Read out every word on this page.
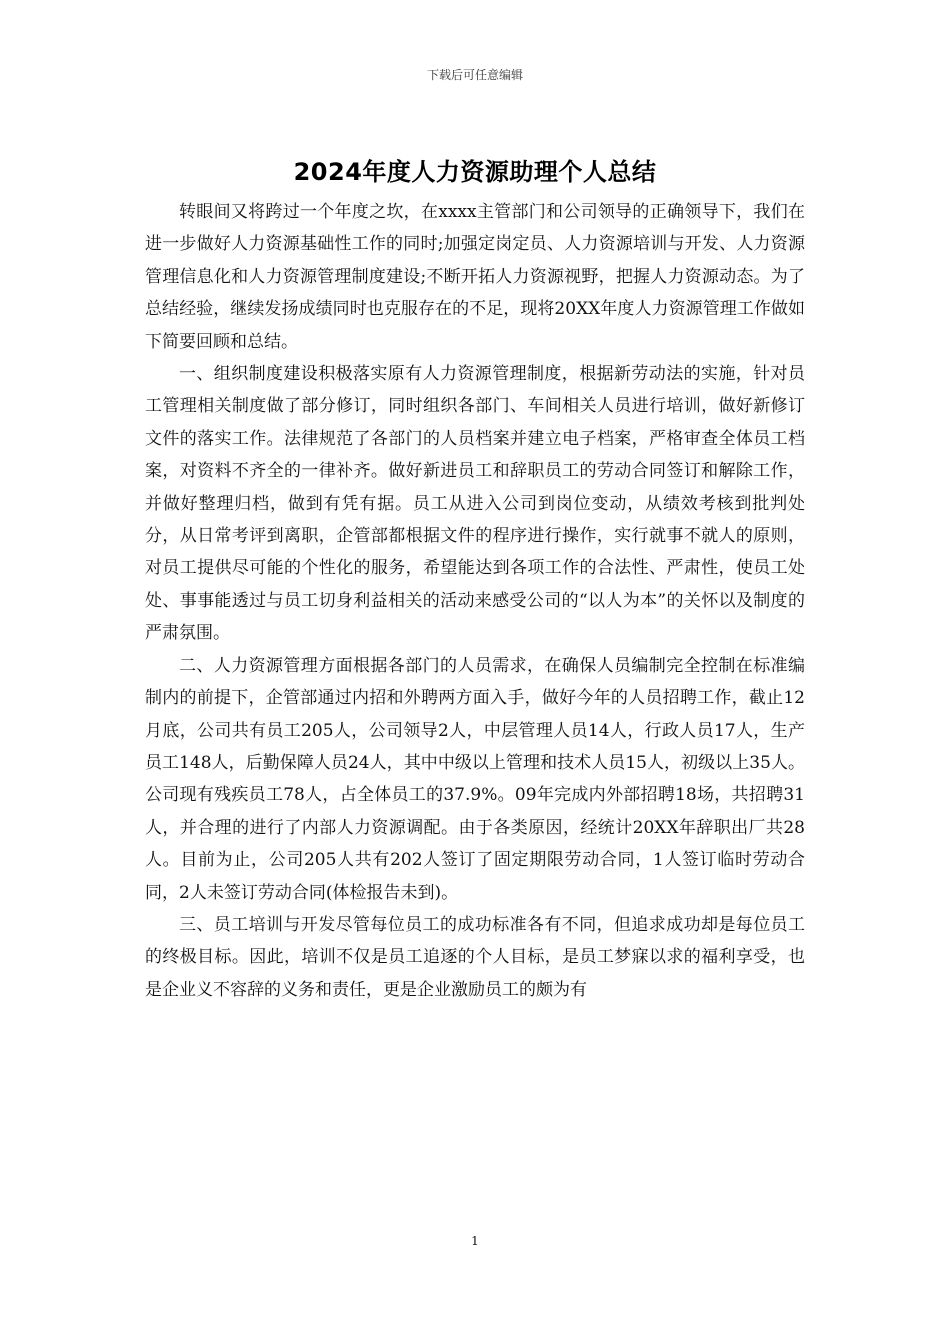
下载后可任意编辑
2024年度人力资源助理个人总结

转眼间又将跨过一个年度之坎，在xxxx主管部门和公司领导的正确领导下，我们在进一步做好人力资源基础性工作的同时;加强定岗定员、人力资源培训与开发、人力资源管理信息化和人力资源管理制度建设;不断开拓人力资源视野，把握人力资源动态。为了总结经验，继续发扬成绩同时也克服存在的不足，现将20XX年度人力资源管理工作做如下简要回顾和总结。

一、组织制度建设积极落实原有人力资源管理制度，根据新劳动法的实施，针对员工管理相关制度做了部分修订，同时组织各部门、车间相关人员进行培训，做好新修订文件的落实工作。法律规范了各部门的人员档案并建立电子档案，严格审查全体员工档案，对资料不齐全的一律补齐。做好新进员工和辞职员工的劳动合同签订和解除工作，并做好整理归档，做到有凭有据。员工从进入公司到岗位变动，从绩效考核到批判处分，从日常考评到离职，企管部都根据文件的程序进行操作，实行就事不就人的原则，对员工提供尽可能的个性化的服务，希望能达到各项工作的合法性、严肃性，使员工处处、事事能透过与员工切身利益相关的活动来感受公司的“以人为本”的关怀以及制度的严肃氛围。

二、人力资源管理方面根据各部门的人员需求，在确保人员编制完全控制在标准编制内的前提下，企管部通过内招和外聘两方面入手，做好今年的人员招聘工作，截止12月底，公司共有员工205人，公司领导2人，中层管理人员14人，行政人员17人，生产员工148人，后勤保障人员24人，其中中级以上管理和技术人员15人，初级以上35人。公司现有残疾员工78人，占全体员工的37.9%。09年完成内外部招聘18场，共招聘31人，并合理的进行了内部人力资源调配。由于各类原因，经统计20XX年辞职出厂共28人。目前为止，公司205人共有202人签订了固定期限劳动合同，1人签订临时劳动合同，2人未签订劳动合同(体检报告未到)。

三、员工培训与开发尽管每位员工的成功标准各有不同，但追求成功却是每位员工的终极目标。因此，培训不仅是员工追逐的个人目标，是员工梦寐以求的福利享受，也是企业义不容辞的义务和责任，更是企业激励员工的颇为有

1
